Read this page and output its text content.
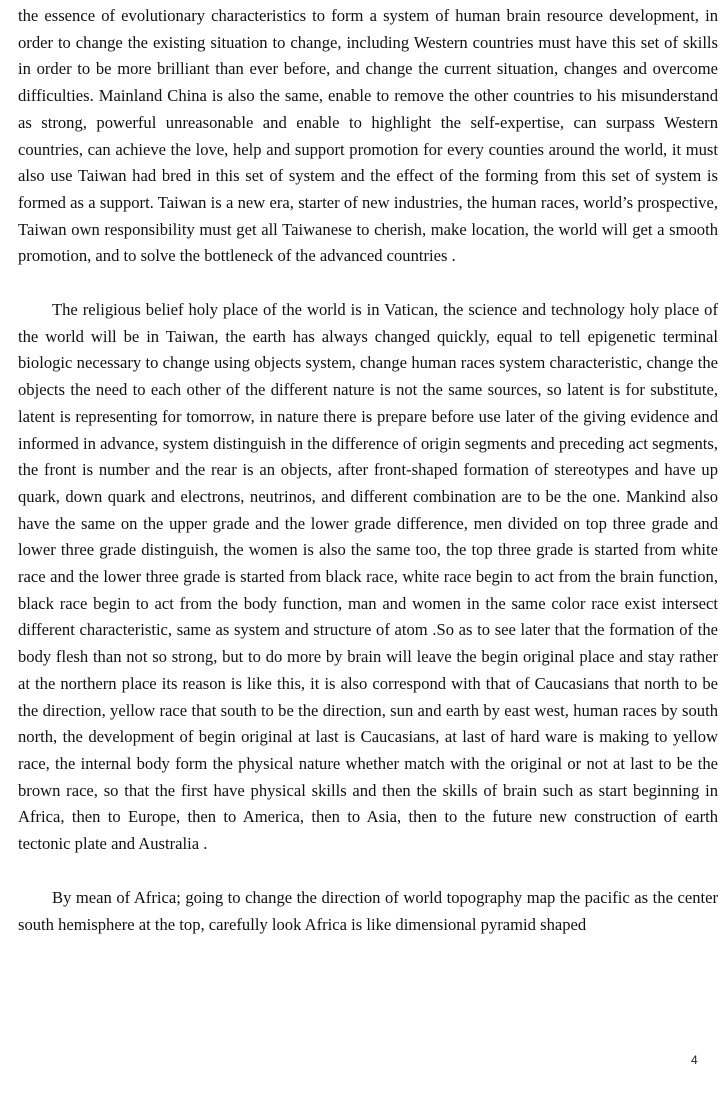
the essence of evolutionary characteristics to form a system of human brain resource development, in order to change the existing situation to change, including Western countries must have this set of skills in order to be more brilliant than ever before, and change the current situation, changes and overcome difficulties. Mainland China is also the same, enable to remove the other countries to his misunderstand as strong, powerful unreasonable and enable to highlight the self-expertise, can surpass Western countries, can achieve the love, help and support promotion for every counties around the world, it must also use Taiwan had bred in this set of system and the effect of the forming from this set of system is formed as a support. Taiwan is a new era, starter of new industries, the human races, world’s prospective, Taiwan own responsibility must get all Taiwanese to cherish, make location, the world will get a smooth promotion, and to solve the bottleneck of the advanced countries .

The religious belief holy place of the world is in Vatican, the science and technology holy place of the world will be in Taiwan, the earth has always changed quickly, equal to tell epigenetic terminal biologic necessary to change using objects system, change human races system characteristic, change the objects the need to each other of the different nature is not the same sources, so latent is for substitute, latent is representing for tomorrow, in nature there is prepare before use later of the giving evidence and informed in advance, system distinguish in the difference of origin segments and preceding act segments, the front is number and the rear is an objects, after front-shaped formation of stereotypes and have up quark, down quark and electrons, neutrinos, and different combination are to be the one. Mankind also have the same on the upper grade and the lower grade difference, men divided on top three grade and lower three grade distinguish, the women is also the same too, the top three grade is started from white race and the lower three grade is started from black race, white race begin to act from the brain function, black race begin to act from the body function, man and women in the same color race exist intersect different characteristic, same as system and structure of atom .So as to see later that the formation of the body flesh than not so strong, but to do more by brain will leave the begin original place and stay rather at the northern place its reason is like this, it is also correspond with that of Caucasians that north to be the direction, yellow race that south to be the direction, sun and earth by east west, human races by south north, the development of begin original at last is Caucasians, at last of hard ware is making to yellow race, the internal body form the physical nature whether match with the original or not at last to be the brown race, so that the first have physical skills and then the skills of brain such as start beginning in Africa, then to Europe, then to America, then to Asia, then to the future new construction of earth tectonic plate and Australia .

By mean of Africa; going to change the direction of world topography map the pacific as the center south hemisphere at the top, carefully look Africa is like dimensional pyramid shaped

4
